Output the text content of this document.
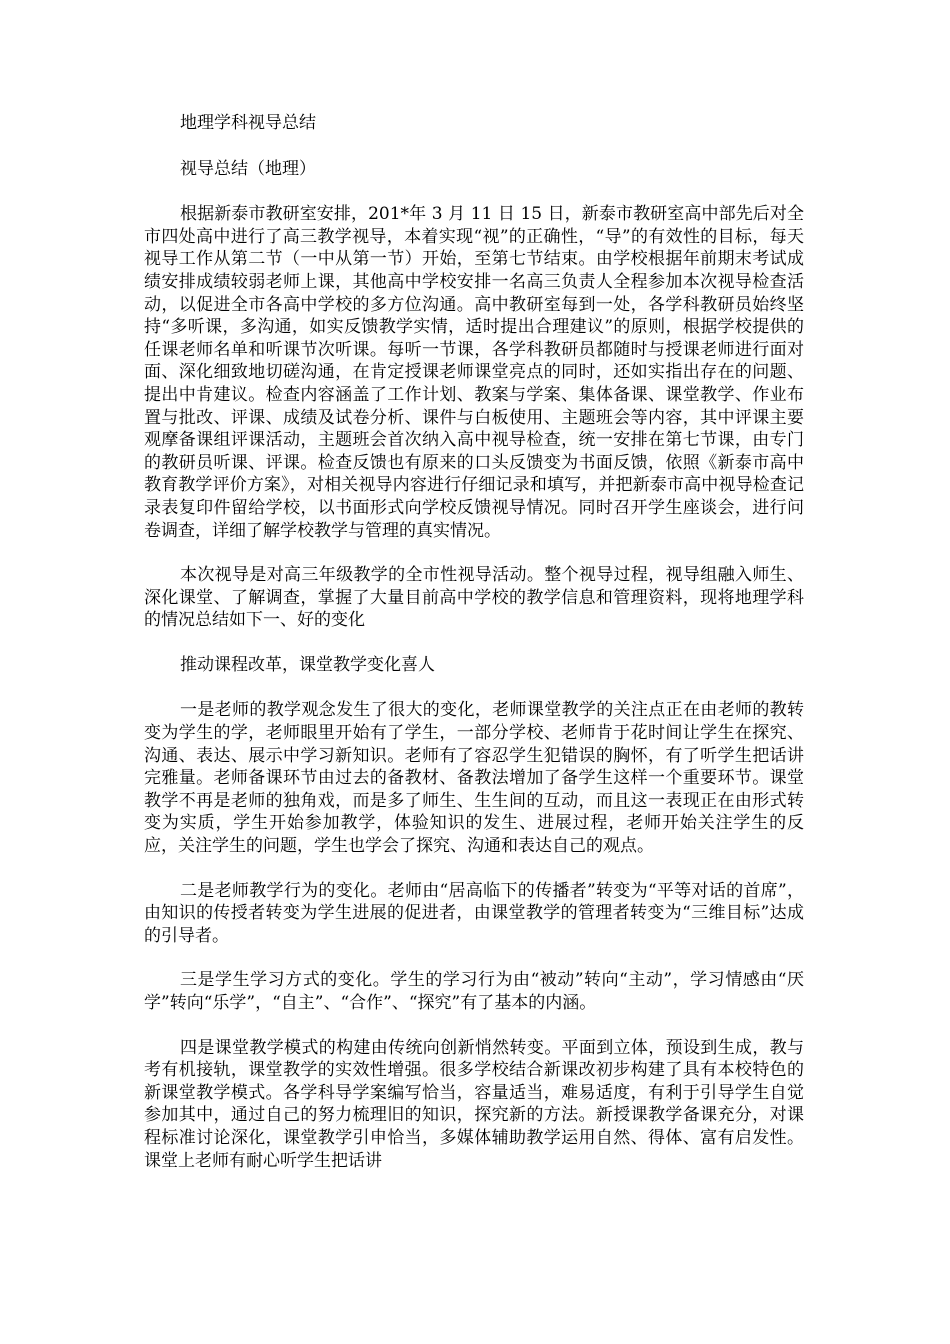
地理学科视导总结

视导总结（地理）

根据新泰市教研室安排，201*年 3 月 11 日 15 日，新泰市教研室高中部先后对全市四处高中进行了高三教学视导，本着实现“视”的正确性，“导”的有效性的目标，每天视导工作从第二节（一中从第一节）开始，至第七节结束。由学校根据年前期末考试成绩安排成绩较弱老师上课，其他高中学校安排一名高三负责人全程参加本次视导检查活动，以促进全市各高中学校的多方位沟通。高中教研室每到一处，各学科教研员始终坚持“多听课，多沟通，如实反馈教学实情，适时提出合理建议”的原则，根据学校提供的任课老师名单和听课节次听课。每听一节课，各学科教研员都随时与授课老师进行面对面、深化细致地切磋沟通，在肯定授课老师课堂亮点的同时，还如实指出存在的问题、提出中肯建议。检查内容涵盖了工作计划、教案与学案、集体备课、课堂教学、作业布置与批改、评课、成绩及试卷分析、课件与白板使用、主题班会等内容，其中评课主要观摩备课组评课活动，主题班会首次纳入高中视导检查，统一安排在第七节课，由专门的教研员听课、评课。检查反馈也有原来的口头反馈变为书面反馈，依照《新泰市高中教育教学评价方案》，对相关视导内容进行仔细记录和填写，并把新泰市高中视导检查记录表复印件留给学校，以书面形式向学校反馈视导情况。同时召开学生座谈会，进行问卷调查，详细了解学校教学与管理的真实情况。

本次视导是对高三年级教学的全市性视导活动。整个视导过程，视导组融入师生、深化课堂、了解调查，掌握了大量目前高中学校的教学信息和管理资料，现将地理学科的情况总结如下一、好的变化

推动课程改革，课堂教学变化喜人

一是老师的教学观念发生了很大的变化，老师课堂教学的关注点正在由老师的教转变为学生的学，老师眼里开始有了学生，一部分学校、老师肯于花时间让学生在探究、沟通、表达、展示中学习新知识。老师有了容忍学生犯错误的胸怀，有了听学生把话讲完雅量。老师备课环节由过去的备教材、备教法增加了备学生这样一个重要环节。课堂教学不再是老师的独角戏，而是多了师生、生生间的互动，而且这一表现正在由形式转变为实质，学生开始参加教学，体验知识的发生、进展过程，老师开始关注学生的反应，关注学生的问题，学生也学会了探究、沟通和表达自己的观点。

二是老师教学行为的变化。老师由“居高临下的传播者”转变为“平等对话的首席”，由知识的传授者转变为学生进展的促进者，由课堂教学的管理者转变为“三维目标”达成的引导者。

三是学生学习方式的变化。学生的学习行为由“被动”转向“主动”，学习情感由“厌学”转向“乐学”，“自主”、“合作”、“探究”有了基本的内涵。

四是课堂教学模式的构建由传统向创新悄然转变。平面到立体，预设到生成，教与考有机接轨，课堂教学的实效性增强。很多学校结合新课改初步构建了具有本校特色的新课堂教学模式。各学科导学案编写恰当，容量适当，难易适度，有利于引导学生自觉参加其中，通过自己的努力梳理旧的知识，探究新的方法。新授课教学备课充分，对课程标准讨论深化，课堂教学引申恰当，多媒体辅助教学运用自然、得体、富有启发性。课堂上老师有耐心听学生把话讲
